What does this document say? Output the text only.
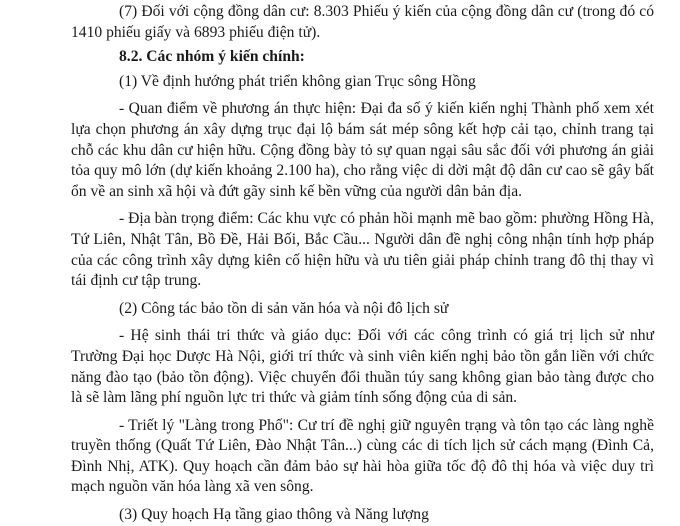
(7) Đối với cộng đồng dân cư: 8.303 Phiếu ý kiến của cộng đồng dân cư (trong đó có 1410 phiếu giấy và 6893 phiếu điện tử).

8.2. Các nhóm ý kiến chính:

(1) Về định hướng phát triển không gian Trục sông Hồng

- Quan điểm về phương án thực hiện: Đại đa số ý kiến kiến nghị Thành phố xem xét lựa chọn phương án xây dựng trục đại lộ bám sát mép sông kết hợp cải tạo, chỉnh trang tại chỗ các khu dân cư hiện hữu. Cộng đồng bày tỏ sự quan ngại sâu sắc đối với phương án giải tỏa quy mô lớn (dự kiến khoảng 2.100 ha), cho rằng việc di dời mật độ dân cư cao sẽ gây bất ổn về an sinh xã hội và đứt gãy sinh kế bền vững của người dân bản địa.

- Địa bàn trọng điểm: Các khu vực có phản hồi mạnh mẽ bao gồm: phường Hồng Hà, Tứ Liên, Nhật Tân, Bồ Đề, Hải Bối, Bắc Cầu... Người dân đề nghị công nhận tính hợp pháp của các công trình xây dựng kiên cố hiện hữu và ưu tiên giải pháp chỉnh trang đô thị thay vì tái định cư tập trung.

(2) Công tác bảo tồn di sản văn hóa và nội đô lịch sử

- Hệ sinh thái tri thức và giáo dục: Đối với các công trình có giá trị lịch sử như Trường Đại học Dược Hà Nội, giới trí thức và sinh viên kiến nghị bảo tồn gắn liền với chức năng đào tạo (bảo tồn động). Việc chuyển đổi thuần túy sang không gian bảo tàng được cho là sẽ làm lãng phí nguồn lực tri thức và giảm tính sống động của di sản.

- Triết lý "Làng trong Phố": Cư trí đề nghị giữ nguyên trạng và tôn tạo các làng nghề truyền thống (Quất Tứ Liên, Đào Nhật Tân...) cùng các di tích lịch sử cách mạng (Đình Cả, Đình Nhị, ATK). Quy hoạch cần đảm bảo sự hài hòa giữa tốc độ đô thị hóa và việc duy trì mạch nguồn văn hóa làng xã ven sông.

(3) Quy hoạch Hạ tầng giao thông và Năng lượng
